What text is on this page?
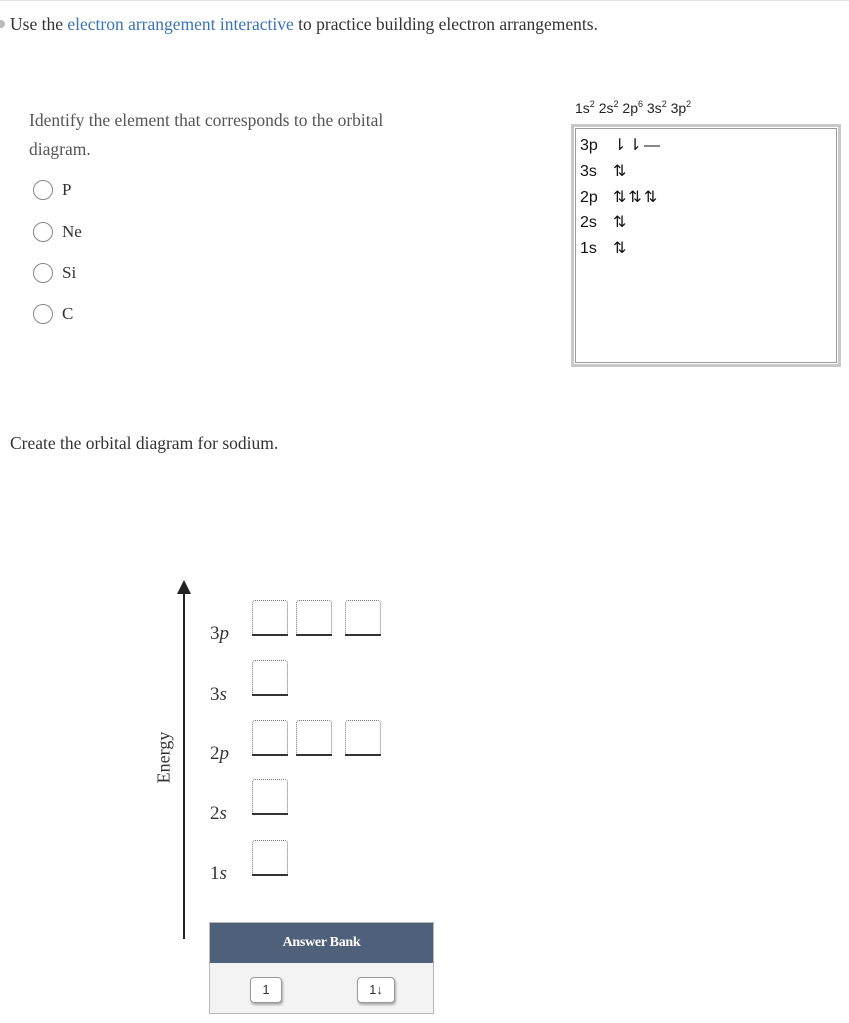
Use the electron arrangement interactive to practice building electron arrangements.
Identify the element that corresponds to the orbital diagram.
P
Ne
Si
C
$1s^2$ $2s^2$ $2p^6$ $3s^2$ $3p^2$
3p ⇂⇂—
3s ⇅
2p ⇅⇅⇅
2s ⇅
1s ⇅
Create the orbital diagram for sodium.
Energy
3p
3s
2p
2s
1s
Answer Bank
1	1↓
